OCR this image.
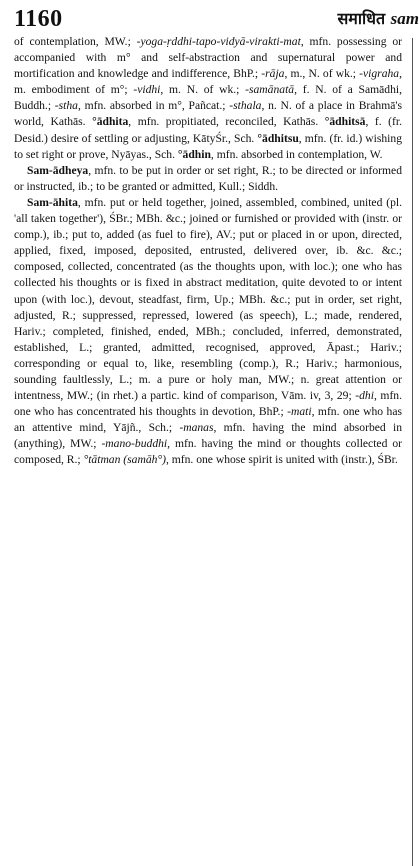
1160	समाधित sam

of contemplation, MW.; -yoga-ṛddhi-tapo-vidyā-virakti-mat, mfn. possessing or accompanied with m° and self-abstraction and supernatural power and mortification and knowledge and indifference, BhP.; -rāja, m., N. of wk.; -vigraha, m. embodiment of m°; -vidhi, m. N. of wk.; -samānatā, f. N. of a Samādhi, Buddh.; -stha, mfn. absorbed in m°, Pañcat.; -sthala, n. N. of a place in Brahmā's world, Kathās. °ādhita, mfn. propitiated, reconciled, Kathās. °ādhitsā, f. (fr. Desid.) desire of settling or adjusting, KātyŚr., Sch. °ādhitsu, mfn. (fr. id.) wishing to set right or prove, Nyāyas., Sch. °ādhin, mfn. absorbed in contemplation, W.

Sam-ādheya, mfn. to be put in order or set right, R.; to be directed or informed or instructed, ib.; to be granted or admitted, Kull.; Siddh.

Sam-āhita, mfn. put or held together, joined, assembled, combined, united (pl. 'all taken together'), ŚBr.; MBh. &c.; joined or furnished or provided with (instr. or comp.), ib.; put to, added (as fuel to fire), AV.; put or placed in or upon, directed, applied, fixed, imposed, deposited, entrusted, delivered over, ib. &c. &c.; composed, collected, concentrated (as the thoughts upon, with loc.); one who has collected his thoughts or is fixed in abstract meditation, quite devoted to or intent upon (with loc.), devout, steadfast, firm, Up.; MBh. &c.; put in order, set right, adjusted, R.; suppressed, repressed, lowered (as speech), L.; made, rendered, Hariv.; completed, finished, ended, MBh.; concluded, inferred, demonstrated, established, L.; granted, admitted, recognised, approved, Āpast.; Hariv.; corresponding or equal to, like, resembling (comp.), R.; Hariv.; harmonious, sounding faultlessly, L.; m. a pure or holy man, MW.; n. great attention or intentness, MW.; (in rhet.) a partic. kind of comparison, Vām. iv, 3, 29; -dhi, mfn. one who has concentrated his thoughts in devotion, BhP.; -mati, mfn. one who has an attentive mind, Yājñ., Sch.; -manas, mfn. having the mind absorbed in (anything), MW.; -mano-buddhi, mfn. having the mind or thoughts collected or composed, R.; °tātman (samāh°), mfn. one whose spirit is united with (instr.), ŚBr.
